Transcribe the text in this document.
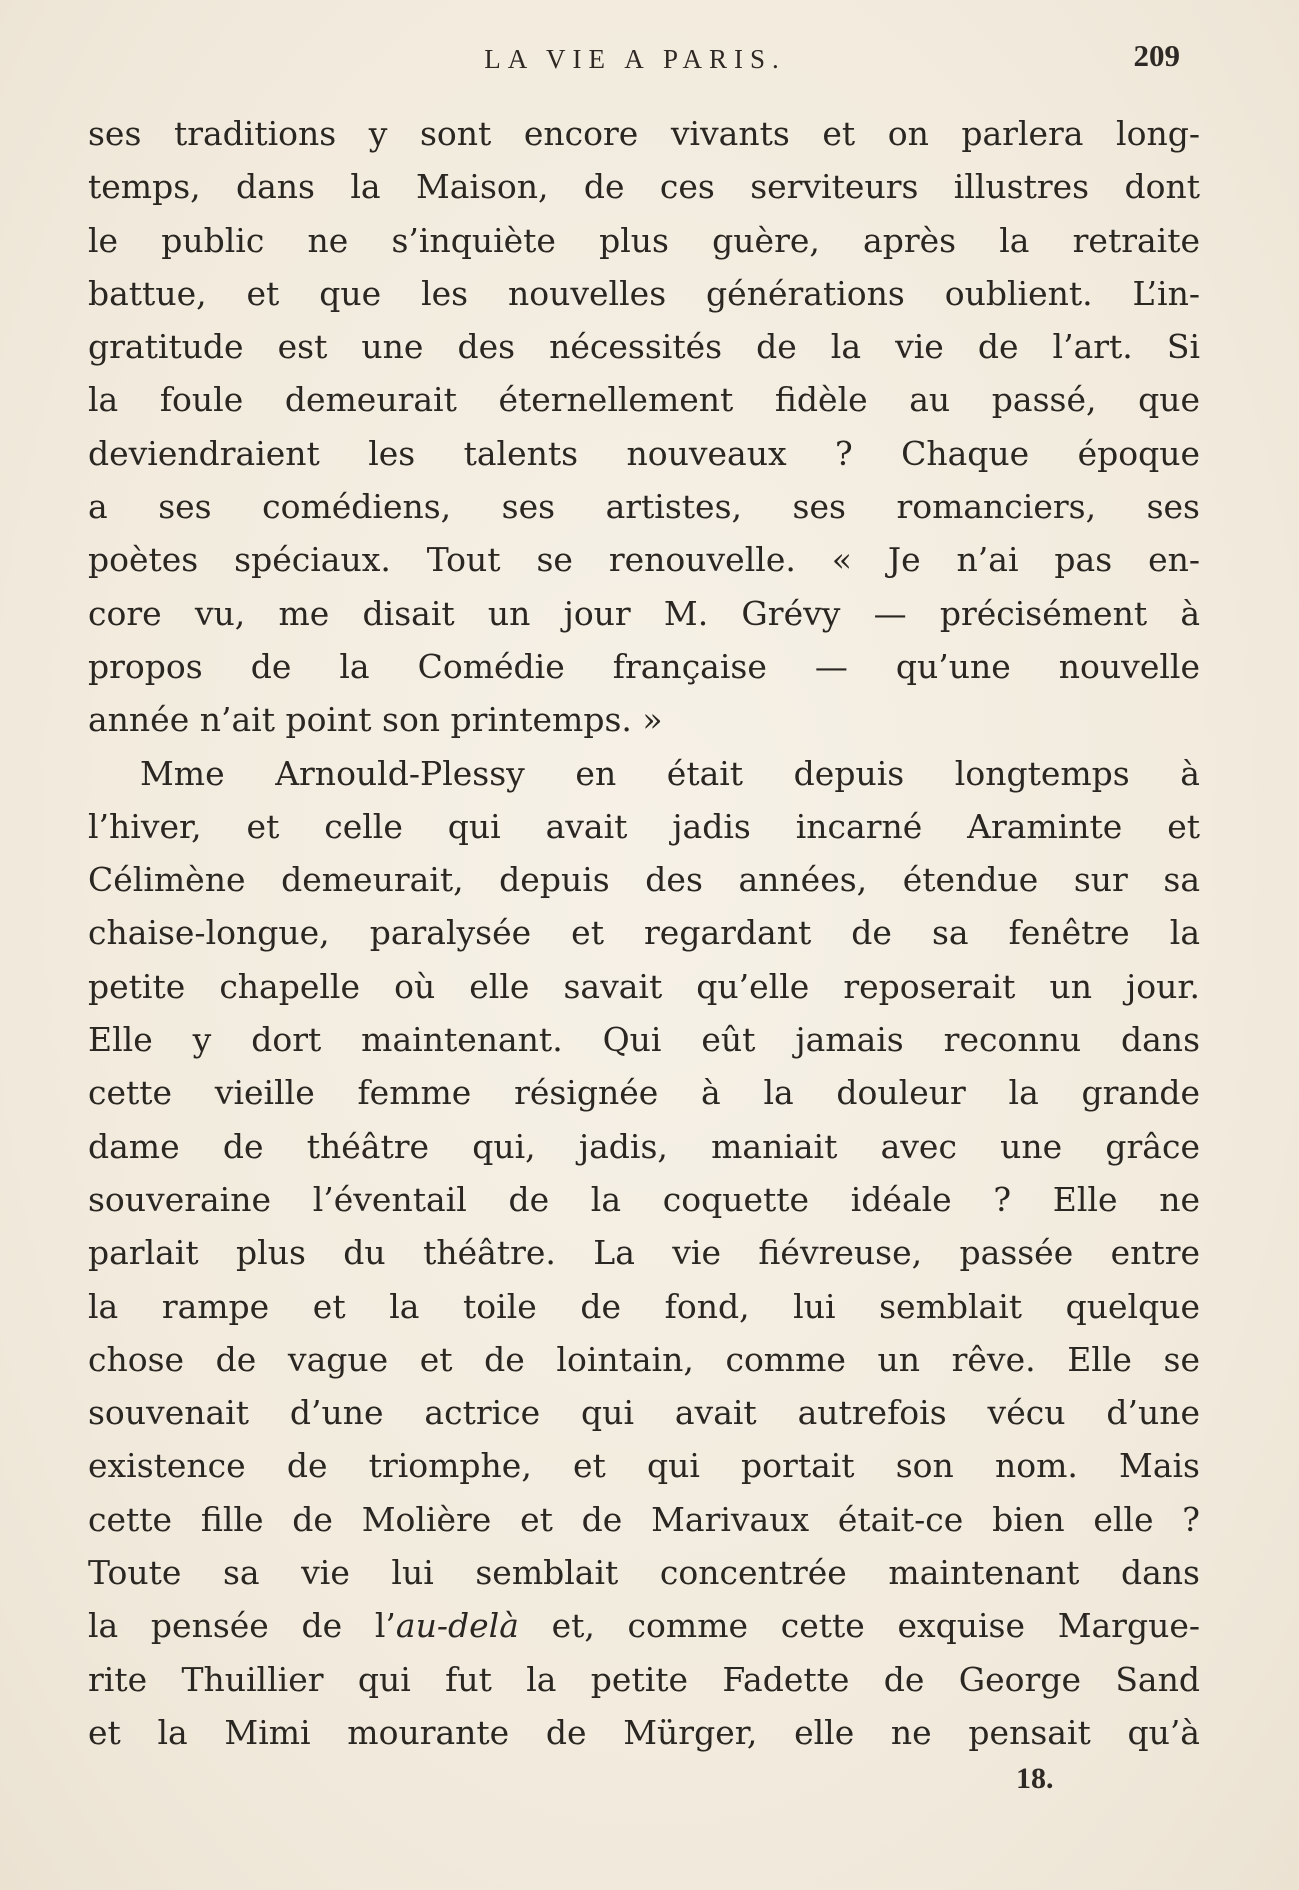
LA VIE A PARIS.	209
ses traditions y sont encore vivants et on parlera long-
temps, dans la Maison, de ces serviteurs illustres dont
le public ne s’inquiète plus guère, après la retraite
battue, et que les nouvelles générations oublient. L’in-
gratitude est une des nécessités de la vie de l’art. Si
la foule demeurait éternellement fidèle au passé, que
deviendraient les talents nouveaux ? Chaque époque
a ses comédiens, ses artistes, ses romanciers, ses
poètes spéciaux. Tout se renouvelle. « Je n’ai pas en-
core vu, me disait un jour M. Grévy — précisément à
propos de la Comédie française — qu’une nouvelle
année n’ait point son printemps. »
Mme Arnould-Plessy en était depuis longtemps à
l’hiver, et celle qui avait jadis incarné Araminte et
Célimène demeurait, depuis des années, étendue sur sa
chaise-longue, paralysée et regardant de sa fenêtre la
petite chapelle où elle savait qu’elle reposerait un jour.
Elle y dort maintenant. Qui eût jamais reconnu dans
cette vieille femme résignée à la douleur la grande
dame de théâtre qui, jadis, maniait avec une grâce
souveraine l’éventail de la coquette idéale ? Elle ne
parlait plus du théâtre. La vie fiévreuse, passée entre
la rampe et la toile de fond, lui semblait quelque
chose de vague et de lointain, comme un rêve. Elle se
souvenait d’une actrice qui avait autrefois vécu d’une
existence de triomphe, et qui portait son nom. Mais
cette fille de Molière et de Marivaux était-ce bien elle ?
Toute sa vie lui semblait concentrée maintenant dans
la pensée de l’au-delà et, comme cette exquise Margue-
rite Thuillier qui fut la petite Fadette de George Sand
et la Mimi mourante de Mürger, elle ne pensait qu’à
18.
